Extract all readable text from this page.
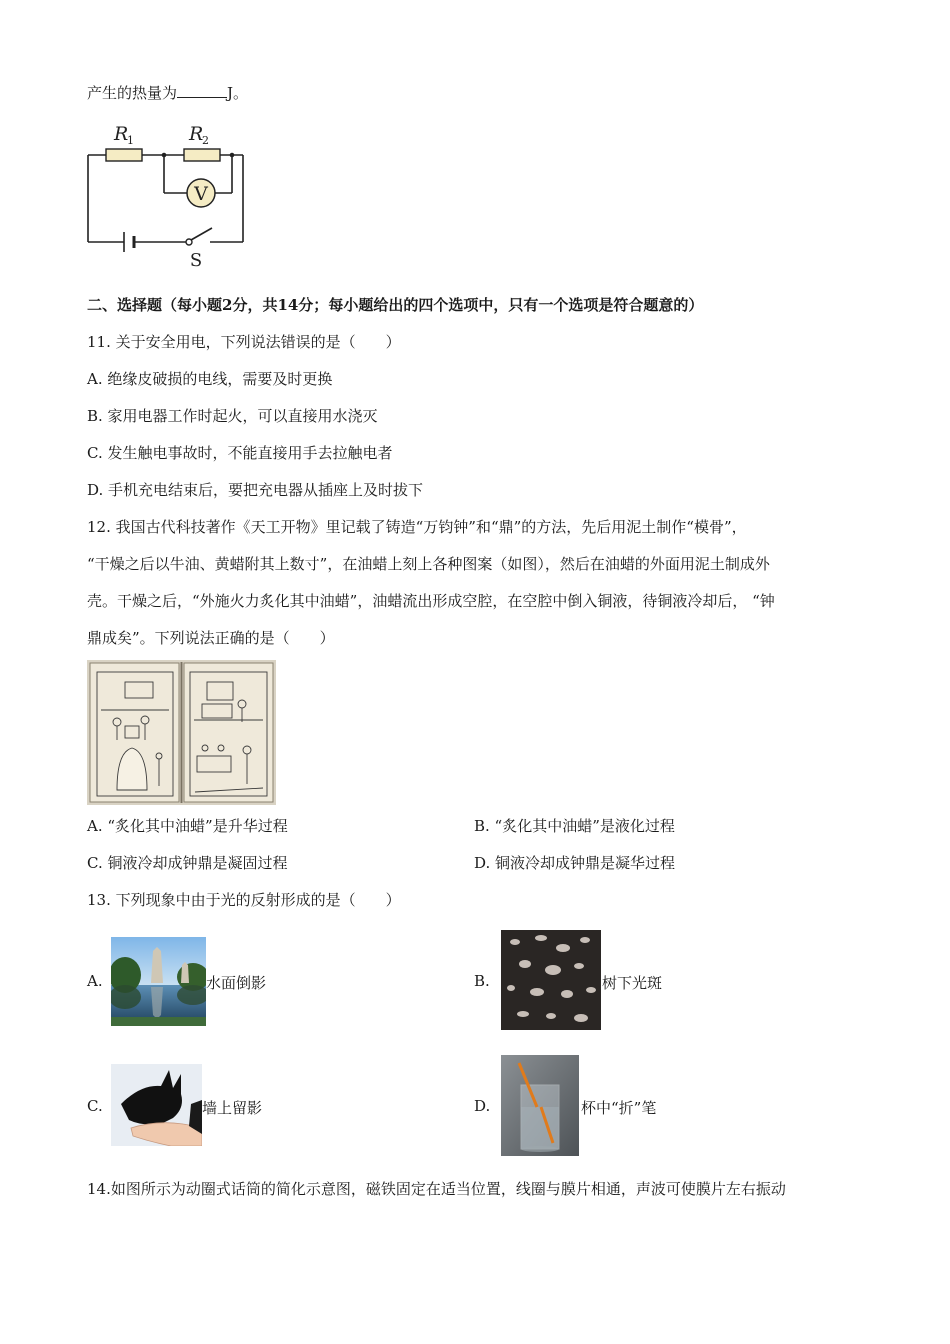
产生的热量为	J。
V
R
1	R
2
S
二、选择题（每小题2分，共14分；每小题给出的四个选项中，只有一个选项是符合题意的）
11. 关于安全用电，下列说法错误的是（　　）
A. 绝缘皮破损的电线，需要及时更换
B. 家用电器工作时起火，可以直接用水浇灭
C. 发生触电事故时，不能直接用手去拉触电者
D. 手机充电结束后，要把充电器从插座上及时拔下
12. 我国古代科技著作《天工开物》里记载了铸造“万钧钟”和“鼎”的方法，先后用泥土制作“模骨”，
“干燥之后以牛油、黄蜡附其上数寸”，在油蜡上刻上各种图案（如图），然后在油蜡的外面用泥土制成外
壳。干燥之后，“外施火力炙化其中油蜡”，油蜡流出形成空腔，在空腔中倒入铜液，待铜液冷却后， “钟
鼎成矣”。下列说法正确的是（　　）
A. “炙化其中油蜡”是升华过程	B. “炙化其中油蜡”是液化过程
C. 铜液冷却成钟鼎是凝固过程	D. 铜液冷却成钟鼎是凝华过程
13. 下列现象中由于光的反射形成的是（　　）
A.	水面倒影	B.	树下光斑
C.	墙上留影	D.	杯中“折”笔
14.如图所示为动圈式话筒的简化示意图，磁铁固定在适当位置，线圈与膜片相通，声波可使膜片左右振动
